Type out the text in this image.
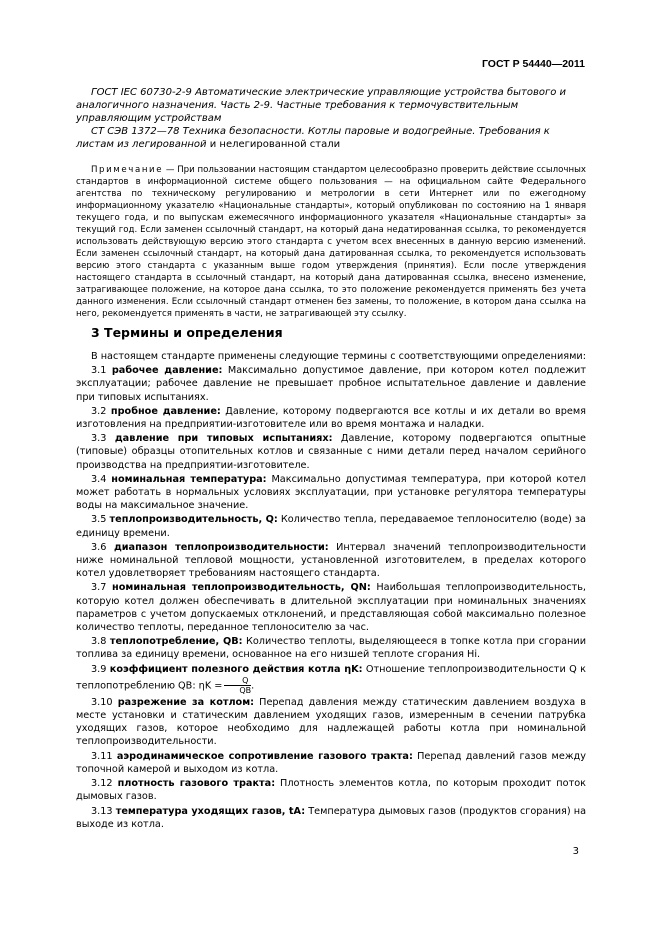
ГОСТ Р 54440—2011

ГОСТ IEC 60730-2-9 Автоматические электрические управляющие устройства бытового и аналогичного назначения. Часть 2-9. Частные требования к термочувствительным управляющим устройствам

СТ СЭВ 1372—78 Техника безопасности. Котлы паровые и водогрейные. Требования к листам из легированной и нелегированной стали

Примечание — При пользовании настоящим стандартом целесообразно проверить действие ссылочных стандартов в информационной системе общего пользования — на официальном сайте Федерального агентства по техническому регулированию и метрологии в сети Интернет или по ежегодному информационному указателю «Национальные стандарты», который опубликован по состоянию на 1 января текущего года, и по выпускам ежемесячного информационного указателя «Национальные стандарты» за текущий год. Если заменен ссылочный стандарт, на который дана недатированная ссылка, то рекомендуется использовать действующую версию этого стандарта с учетом всех внесенных в данную версию изменений. Если заменен ссылочный стандарт, на который дана датированная ссылка, то рекомендуется использовать версию этого стандарта с указанным выше годом утверждения (принятия). Если после утверждения настоящего стандарта в ссылочный стандарт, на который дана датированная ссылка, внесено изменение, затрагивающее положение, на которое дана ссылка, то это положение рекомендуется применять без учета данного изменения. Если ссылочный стандарт отменен без замены, то положение, в котором дана ссылка на него, рекомендуется применять в части, не затрагивающей эту ссылку.

3 Термины и определения

В настоящем стандарте применены следующие термины с соответствующими определениями:

3.1 рабочее давление: Максимально допустимое давление, при котором котел подлежит эксплуатации; рабочее давление не превышает пробное испытательное давление и давление при типовых испытаниях.

3.2 пробное давление: Давление, которому подвергаются все котлы и их детали во время изготовления на предприятии-изготовителе или во время монтажа и наладки.

3.3 давление при типовых испытаниях: Давление, которому подвергаются опытные (типовые) образцы отопительных котлов и связанные с ними детали перед началом серийного производства на предприятии-изготовителе.

3.4 номинальная температура: Максимально допустимая температура, при которой котел может работать в нормальных условиях эксплуатации, при установке регулятора температуры воды на максимальное значение.

3.5 теплопроизводительность, Q: Количество тепла, передаваемое теплоносителю (воде) за единицу времени.

3.6 диапазон теплопроизводительности: Интервал значений теплопроизводительности ниже номинальной тепловой мощности, установленной изготовителем, в пределах которого котел удовлетворяет требованиям настоящего стандарта.

3.7 номинальная теплопроизводительность, QN: Наибольшая теплопроизводительность, которую котел должен обеспечивать в длительной эксплуатации при номинальных значениях параметров с учетом допускаемых отклонений, и представляющая собой максимально полезное количество теплоты, переданное теплоносителю за час.

3.8 теплопотребление, QB: Количество теплоты, выделяющееся в топке котла при сгорании топлива за единицу времени, основанное на его низшей теплоте сгорания Hi.

3.9 коэффициент полезного действия котла ηK: Отношение теплопроизводительности Q к теплопотреблению QB: $\eta K = \frac{Q}{QB}$ .

3.10 разрежение за котлом: Перепад давления между статическим давлением воздуха в месте установки и статическим давлением уходящих газов, измеренным в сечении патрубка уходящих газов, которое необходимо для надлежащей работы котла при номинальной теплопроизводительности.

3.11 аэродинамическое сопротивление газового тракта: Перепад давлений газов между топочной камерой и выходом из котла.

3.12 плотность газового тракта: Плотность элементов котла, по которым проходит поток дымовых газов.

3.13 температура уходящих газов, tA: Температура дымовых газов (продуктов сгорания) на выходе из котла.

3
